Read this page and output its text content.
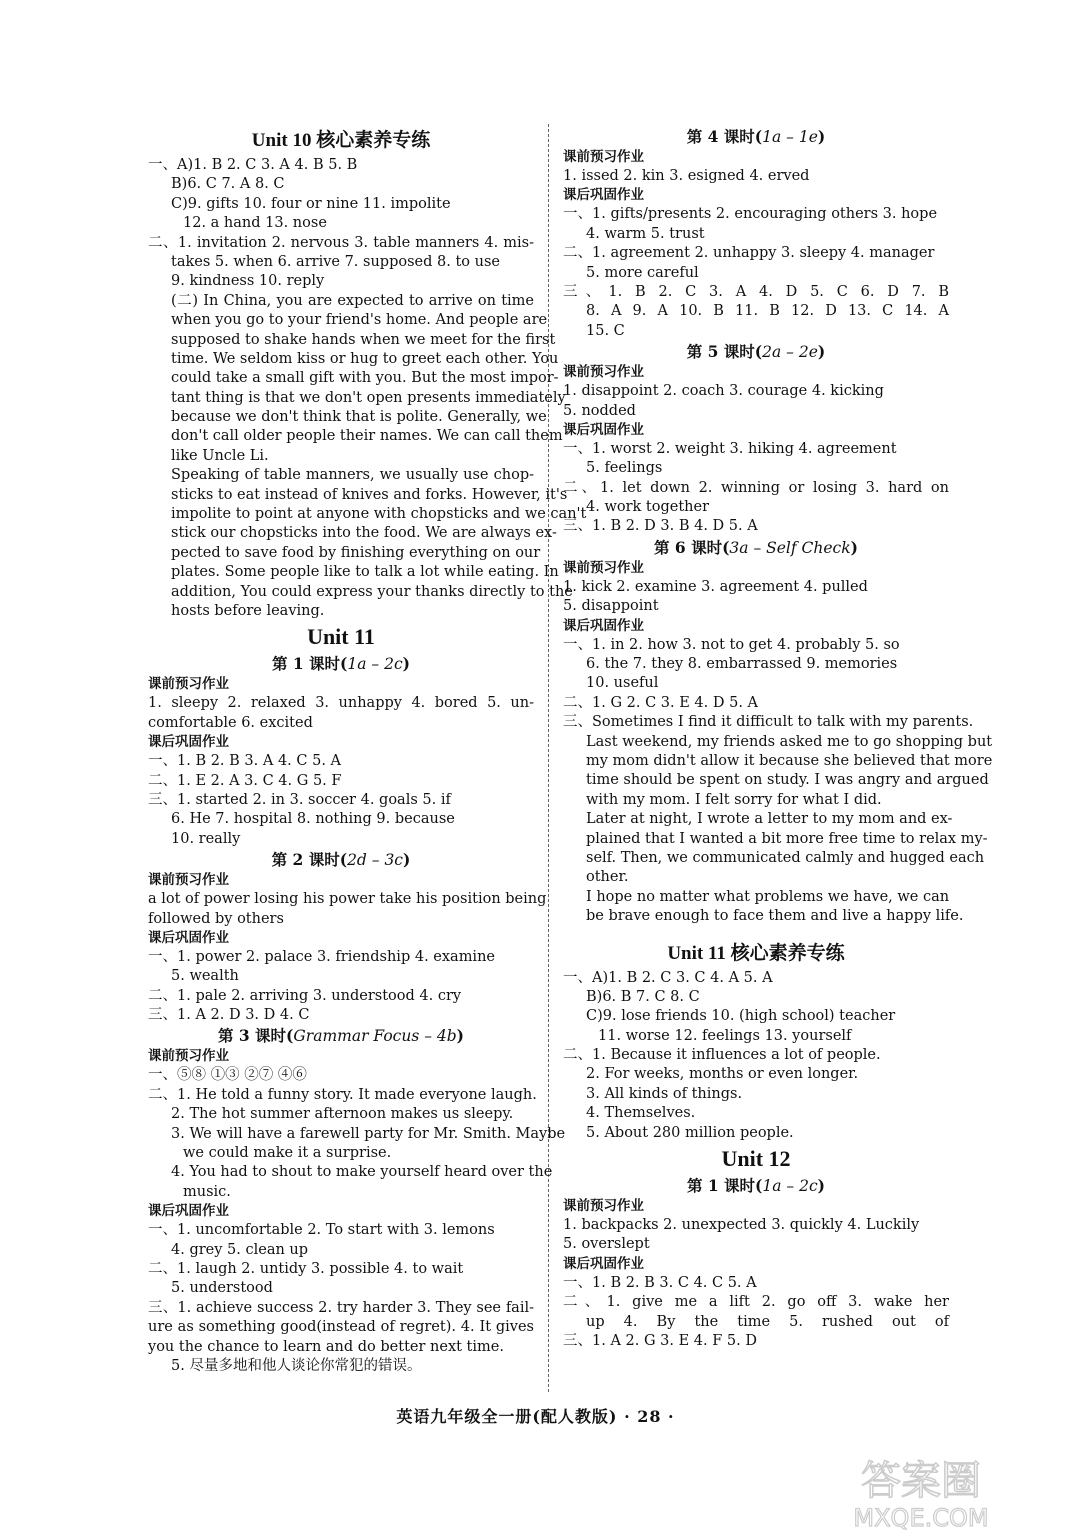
Unit 10 核心素养专练
一、A)1. B 2. C 3. A 4. B 5. B
B)6. C 7. A 8. C
C)9. gifts 10. four or nine 11. impolite
12. a hand 13. nose
二、1. invitation 2. nervous 3. table manners 4. mis-
takes 5. when 6. arrive 7. supposed 8. to use
9. kindness 10. reply
(二) In China, you are expected to arrive on time
when you go to your friend's home. And people are
supposed to shake hands when we meet for the first
time. We seldom kiss or hug to greet each other. You
could take a small gift with you. But the most impor-
tant thing is that we don't open presents immediately
because we don't think that is polite. Generally, we
don't call older people their names. We can call them
like Uncle Li.
Speaking of table manners, we usually use chop-
sticks to eat instead of knives and forks. However, it's
impolite to point at anyone with chopsticks and we can't
stick our chopsticks into the food. We are always ex-
pected to save food by finishing everything on our
plates. Some people like to talk a lot while eating. In
addition, You could express your thanks directly to the
hosts before leaving.
Unit 11
第 1 课时(1a – 2c)
课前预习作业
1. sleepy 2. relaxed 3. unhappy 4. bored 5. un-
comfortable 6. excited
课后巩固作业
一、1. B 2. B 3. A 4. C 5. A
二、1. E 2. A 3. C 4. G 5. F
三、1. started 2. in 3. soccer 4. goals 5. if
6. He 7. hospital 8. nothing 9. because
10. really
第 2 课时(2d – 3c)
课前预习作业
a lot of power losing his power take his position being
followed by others
课后巩固作业
一、1. power 2. palace 3. friendship 4. examine
5. wealth
二、1. pale 2. arriving 3. understood 4. cry
三、1. A 2. D 3. D 4. C
第 3 课时(Grammar Focus – 4b)
课前预习作业
一、⑤⑧ ①③ ②⑦ ④⑥
二、1. He told a funny story. It made everyone laugh.
2. The hot summer afternoon makes us sleepy.
3. We will have a farewell party for Mr. Smith. Maybe
we could make it a surprise.
4. You had to shout to make yourself heard over the
music.
课后巩固作业
一、1. uncomfortable 2. To start with 3. lemons
4. grey 5. clean up
二、1. laugh 2. untidy 3. possible 4. to wait
5. understood
三、1. achieve success 2. try harder 3. They see fail-
ure as something good(instead of regret). 4. It gives
you the chance to learn and do better next time.
5. 尽量多地和他人谈论你常犯的错误。
第 4 课时(1a – 1e)
课前预习作业
1. issed 2. kin 3. esigned 4. erved
课后巩固作业
一、1. gifts/presents 2. encouraging others 3. hope
4. warm 5. trust
二、1. agreement 2. unhappy 3. sleepy 4. manager
5. more careful
三、1. B 2. C 3. A 4. D 5. C 6. D 7. B
8. A 9. A 10. B 11. B 12. D 13. C 14. A
15. C
第 5 课时(2a – 2e)
课前预习作业
1. disappoint 2. coach 3. courage 4. kicking
5. nodded
课后巩固作业
一、1. worst 2. weight 3. hiking 4. agreement
5. feelings
二、1. let down 2. winning or losing 3. hard on
4. work together
三、1. B 2. D 3. B 4. D 5. A
第 6 课时(3a – Self Check)
课前预习作业
1. kick 2. examine 3. agreement 4. pulled
5. disappoint
课后巩固作业
一、1. in 2. how 3. not to get 4. probably 5. so
6. the 7. they 8. embarrassed 9. memories
10. useful
二、1. G 2. C 3. E 4. D 5. A
三、Sometimes I find it difficult to talk with my parents.
Last weekend, my friends asked me to go shopping but
my mom didn't allow it because she believed that more
time should be spent on study. I was angry and argued
with my mom. I felt sorry for what I did.
Later at night, I wrote a letter to my mom and ex-
plained that I wanted a bit more free time to relax my-
self. Then, we communicated calmly and hugged each
other.
I hope no matter what problems we have, we can
be brave enough to face them and live a happy life.
Unit 11 核心素养专练
一、A)1. B 2. C 3. C 4. A 5. A
B)6. B 7. C 8. C
C)9. lose friends 10. (high school) teacher
11. worse 12. feelings 13. yourself
二、1. Because it influences a lot of people.
2. For weeks, months or even longer.
3. All kinds of things.
4. Themselves.
5. About 280 million people.
Unit 12
第 1 课时(1a – 2c)
课前预习作业
1. backpacks 2. unexpected 3. quickly 4. Luckily
5. overslept
课后巩固作业
一、1. B 2. B 3. C 4. C 5. A
二、1. give me a lift 2. go off 3. wake her
up 4. By the time 5. rushed out of
三、1. A 2. G 3. E 4. F 5. D
英语九年级全一册(配人教版) · 28 ·
答案圈
MXQE.COM
